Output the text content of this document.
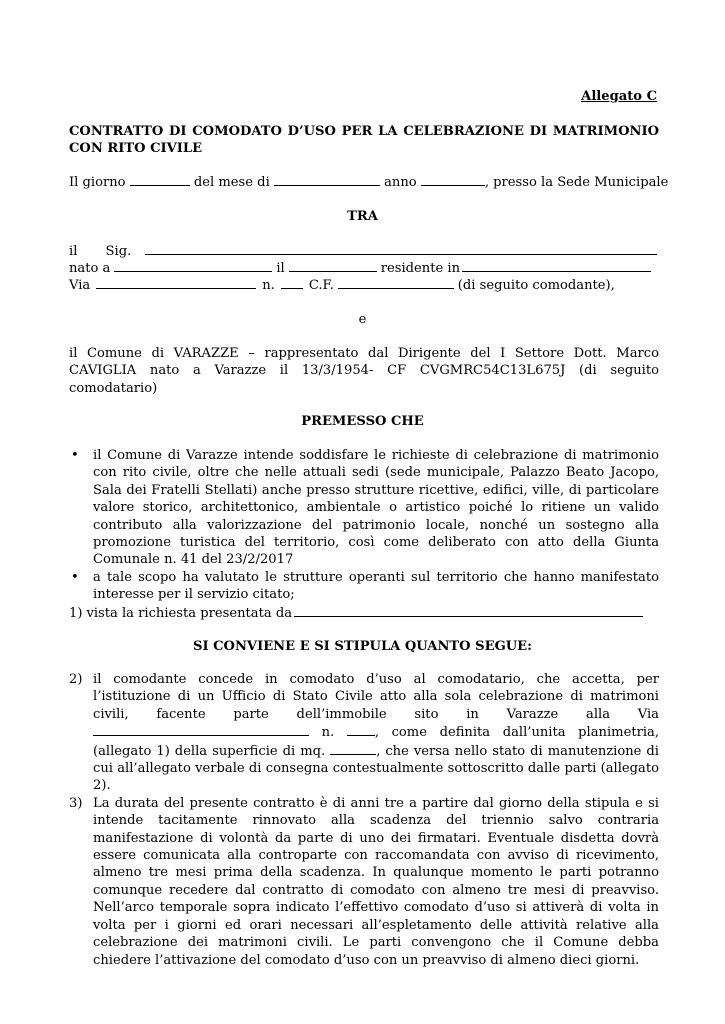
Allegato C
CONTRATTO DI COMODATO D’USO PER LA CELEBRAZIONE DI MATRIMONIO CON RITO CIVILE
Il giorno	del mese di	anno	, presso la Sede Municipale
TRA
il Sig.
nato a	il	residente in
Via	n.	C.F.	(di seguito comodante),
e
il Comune di VARAZZE – rappresentato dal Dirigente del I Settore Dott. Marco CAVIGLIA nato a Varazze il 13/3/1954- CF CVGMRC54C13L675J (di seguito comodatario)
PREMESSO CHE
• il Comune di Varazze intende soddisfare le richieste di celebrazione di matrimonio con rito civile, oltre che nelle attuali sedi (sede municipale, Palazzo Beato Jacopo, Sala dei Fratelli Stellati) anche presso strutture ricettive, edifici, ville, di particolare valore storico, architettonico, ambientale o artistico poiché lo ritiene un valido contributo alla valorizzazione del patrimonio locale, nonché un sostegno alla promozione turistica del territorio, così come deliberato con atto della Giunta Comunale n. 41 del 23/2/2017
• a tale scopo ha valutato le strutture operanti sul territorio che hanno manifestato interesse per il servizio citato;
1) vista la richiesta presentata da
SI CONVIENE E SI STIPULA QUANTO SEGUE:
2) il comodante concede in comodato d’uso al comodatario, che accetta, per l’istituzione di un Ufficio di Stato Civile atto alla sola celebrazione di matrimoni civili, facente parte dell’immobile sito in Varazze alla Via  n.	, come definita dall’unita planimetria, (allegato 1) della superficie di mq.	, che versa nello stato di manutenzione di cui all’allegato verbale di consegna contestualmente sottoscritto dalle parti (allegato 2).
3) La durata del presente contratto è di anni tre a partire dal giorno della stipula e si intende tacitamente rinnovato alla scadenza del triennio salvo contraria manifestazione di volontà da parte di uno dei firmatari. Eventuale disdetta dovrà essere comunicata alla controparte con raccomandata con avviso di ricevimento, almeno tre mesi prima della scadenza. In qualunque momento le parti potranno comunque recedere dal contratto di comodato con almeno tre mesi di preavviso. Nell’arco temporale sopra indicato l’effettivo comodato d’uso si attiverà di volta in volta per i giorni ed orari necessari all’espletamento delle attività relative alla celebrazione dei matrimoni civili. Le parti convengono che il Comune debba chiedere l’attivazione del comodato d’uso con un preavviso di almeno dieci giorni.
